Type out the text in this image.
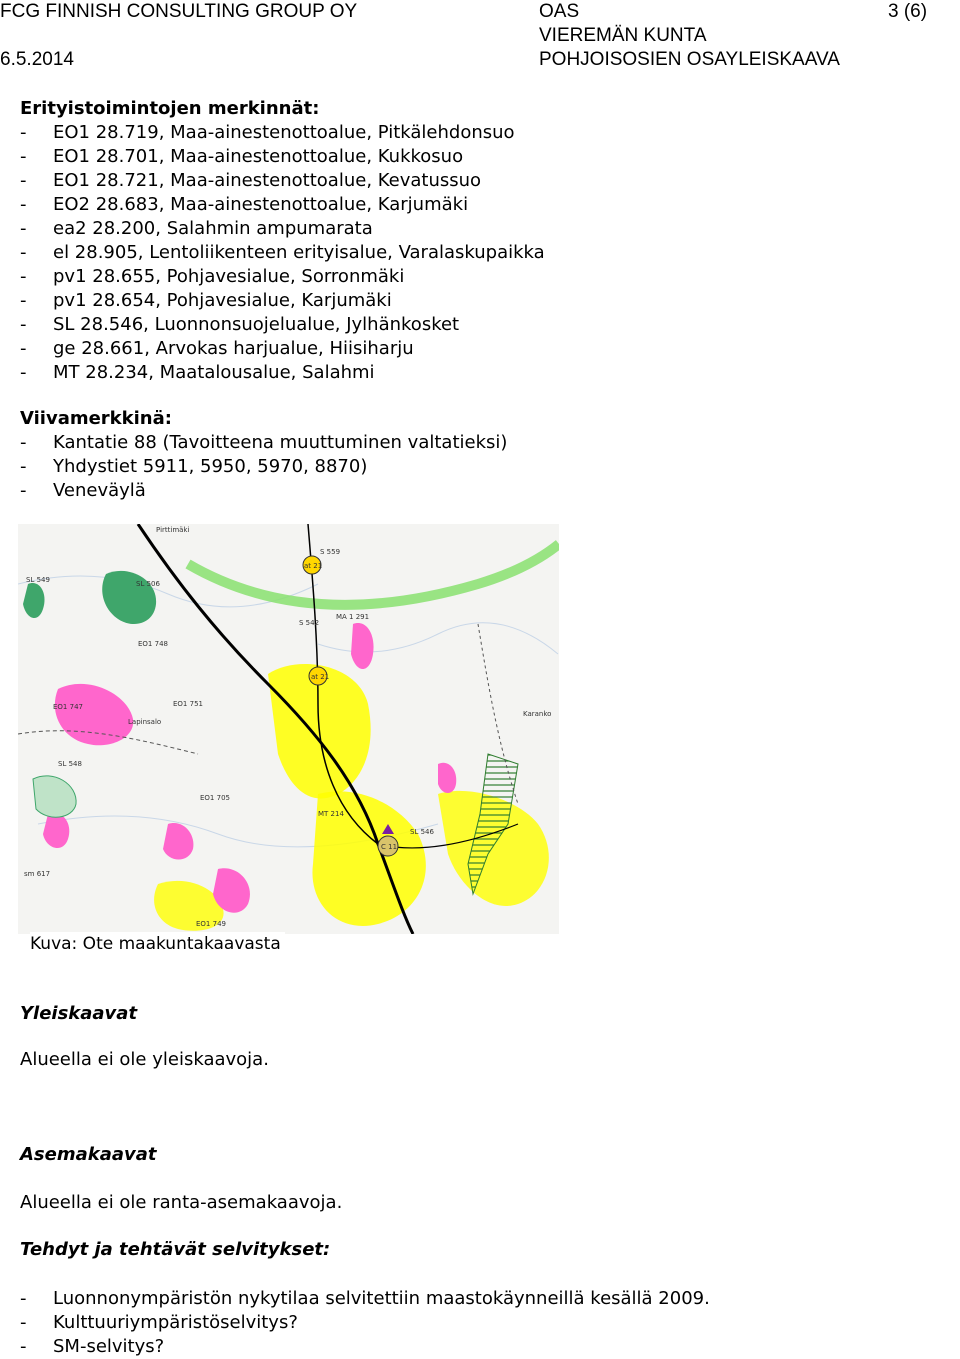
FCG FINNISH CONSULTING GROUP OY
6.5.2014
OAS
VIEREMÄN KUNTA
POHJOISOSIEN OSAYLEISKAAVA
3 (6)
Erityistoimintojen merkinnät:
-	EO1 28.719, Maa-ainestenottoalue, Pitkälehdonsuo
-	EO1 28.701, Maa-ainestenottoalue, Kukkosuo
-	EO1 28.721, Maa-ainestenottoalue, Kevatussuo
-	EO2 28.683, Maa-ainestenottoalue, Karjumäki
-	ea2 28.200, Salahmin ampumarata
-	el 28.905, Lentoliikenteen erityisalue, Varalaskupaikka
-	pv1 28.655, Pohjavesialue, Sorronmäki
-	pv1 28.654, Pohjavesialue, Karjumäki
-	SL 28.546, Luonnonsuojelualue, Jylhänkosket
-	ge 28.661, Arvokas harjualue, Hiisiharju
-	MT 28.234, Maatalousalue, Salahmi
Viivamerkkinä:
-	Kantatie 88 (Tavoitteena muuttuminen valtatieksi)
-	Yhdystiet 5911, 5950, 5970, 8870)
-	Veneväylä
at 21
at 21
C 11
SL 506
SL 549
EO1 748
EO1 751
EO1 747
Lapinsalo
SL 546
MT 214
EO1 749
EO1 705
Karanko
S 559
MA 1 291
S 542
SL 548
Pirttimäki
sm 617
Kuva: Ote maakuntakaavasta
Yleiskaavat
Alueella ei ole yleiskaavoja.
Asemakaavat
Alueella ei ole ranta-asemakaavoja.
Tehdyt ja tehtävät selvitykset:
-	Luonnonympäristön nykytilaa selvitettiin maastokäynneillä kesällä 2009.
-	Kulttuuriympäristöselvitys?
-	SM-selvitys?
